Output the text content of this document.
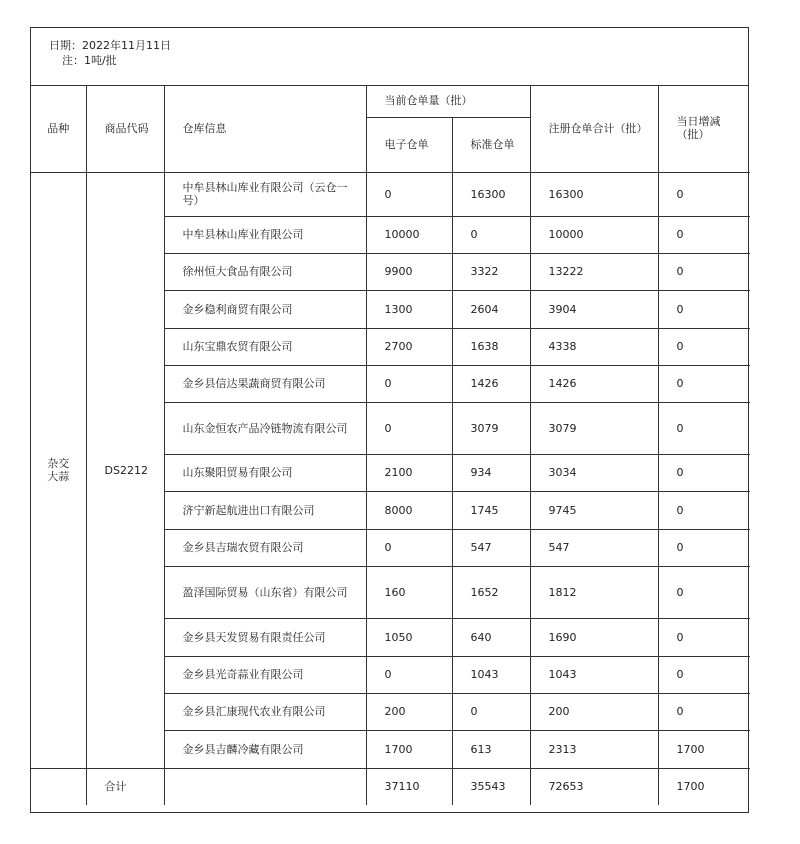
日期：2022年11月11日
注：1吨/批
品种	商品代码	仓库信息	当前仓单量（批）		注册仓单合计（批）	当日增减（批）
			电子仓单	标准仓单		
杂交大蒜	DS2212	中牟县林山库业有限公司（云仓一号）	0	16300	16300	0
		中牟县林山库业有限公司	10000	0	10000	0
		徐州恒大食品有限公司	9900	3322	13222	0
		金乡稳利商贸有限公司	1300	2604	3904	0
		山东宝鼎农贸有限公司	2700	1638	4338	0
		金乡县信达果蔬商贸有限公司	0	1426	1426	0
		山东金恒农产品冷链物流有限公司	0	3079	3079	0
		山东聚阳贸易有限公司	2100	934	3034	0
		济宁新起航进出口有限公司	8000	1745	9745	0
		金乡县吉瑞农贸有限公司	0	547	547	0
		盈泽国际贸易（山东省）有限公司	160	1652	1812	0
		金乡县天发贸易有限责任公司	1050	640	1690	0
		金乡县光奇蒜业有限公司	0	1043	1043	0
		金乡县汇康现代农业有限公司	200	0	200	0
		金乡县吉麟冷藏有限公司	1700	613	2313	1700
	合计		37110	35543	72653	1700
